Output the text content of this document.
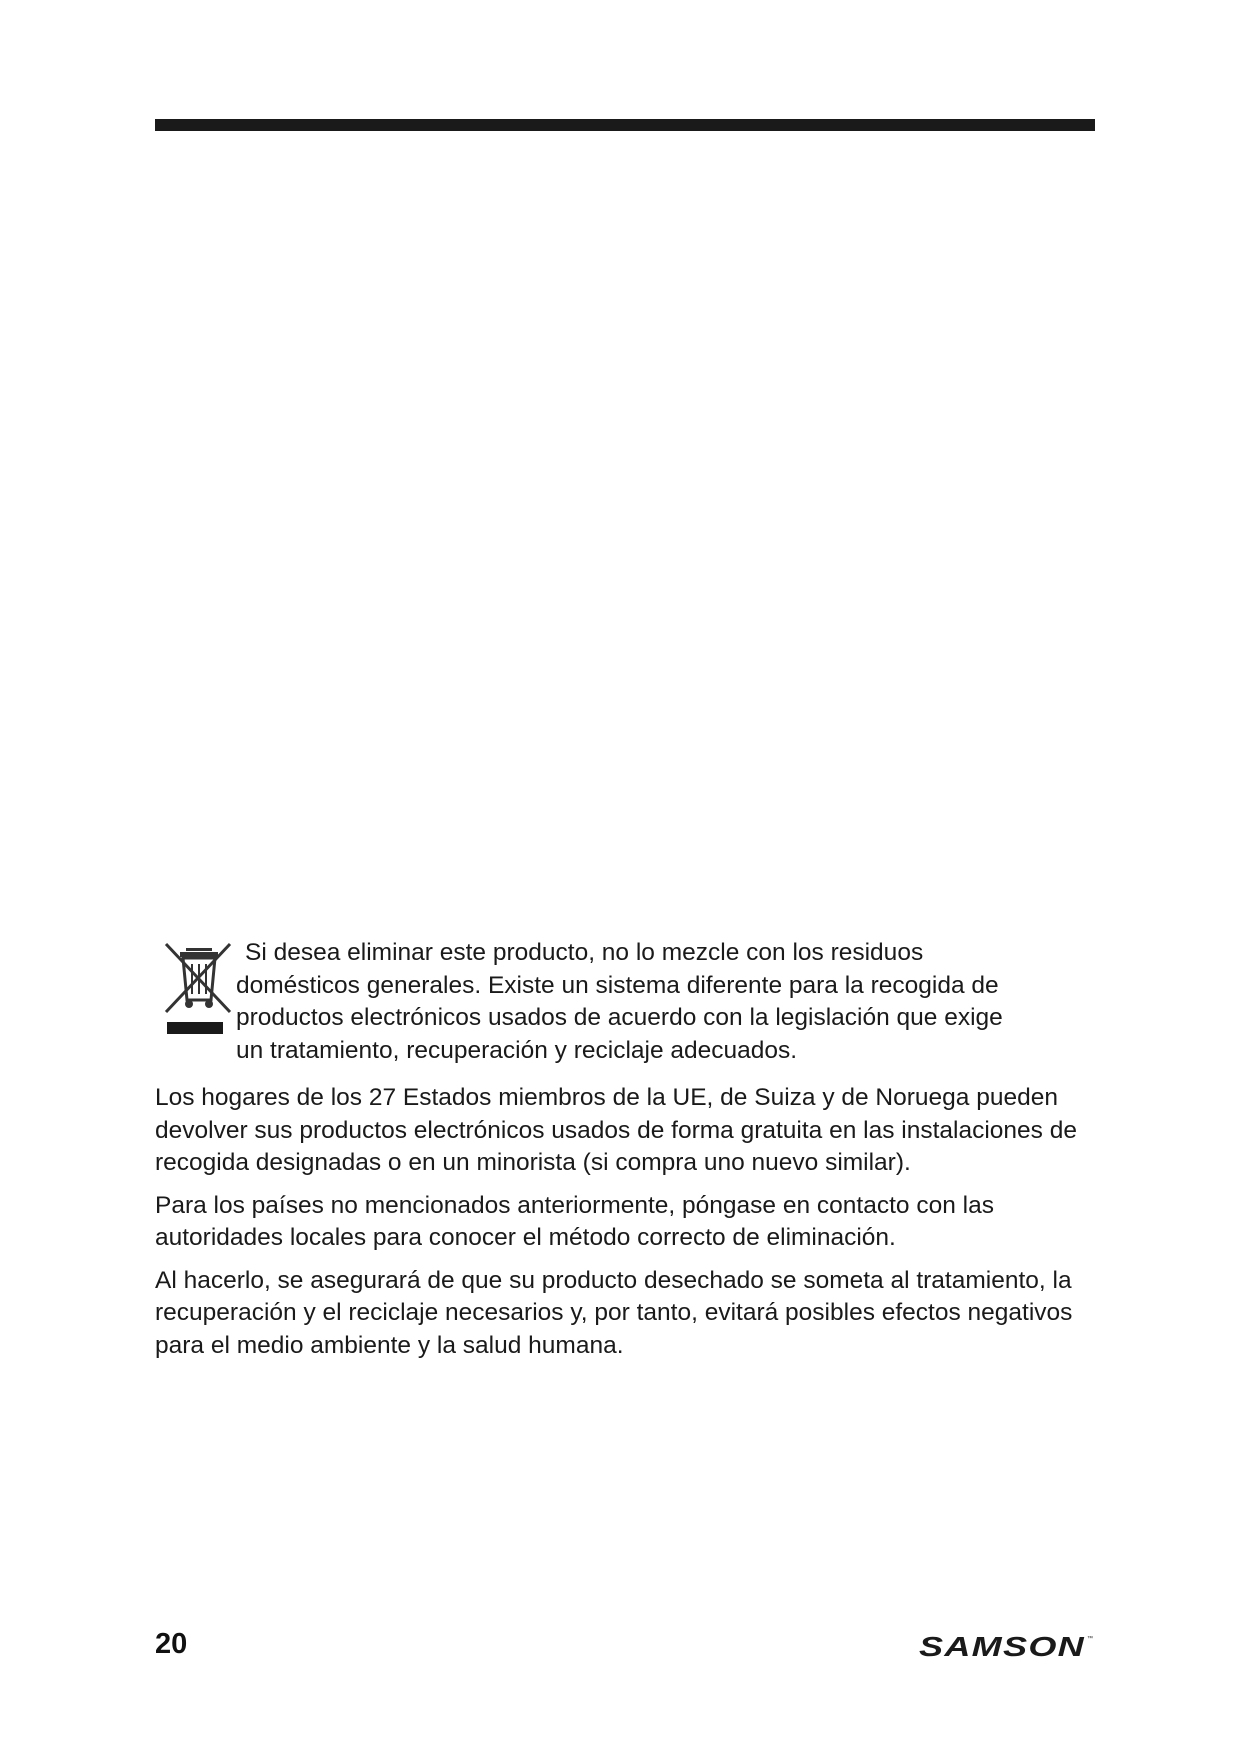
Si desea eliminar este producto, no lo mezcle con los residuos

domésticos generales. Existe un sistema diferente para la recogida de

productos electrónicos usados de acuerdo con la legislación que exige

un tratamiento, recuperación y reciclaje adecuados.

Los hogares de los 27 Estados miembros de la UE, de Suiza y de Noruega pueden devolver sus productos electrónicos usados de forma gratuita en las instalaciones de recogida designadas o en un minorista (si compra uno nuevo similar).

Para los países no mencionados anteriormente, póngase en contacto con las autoridades locales para conocer el método correcto de eliminación.

Al hacerlo, se asegurará de que su producto desechado se someta al tratamiento, la recuperación y el reciclaje necesarios y, por tanto, evitará posibles efectos negativos para el medio ambiente y la salud humana.

20	SAMSON ™
